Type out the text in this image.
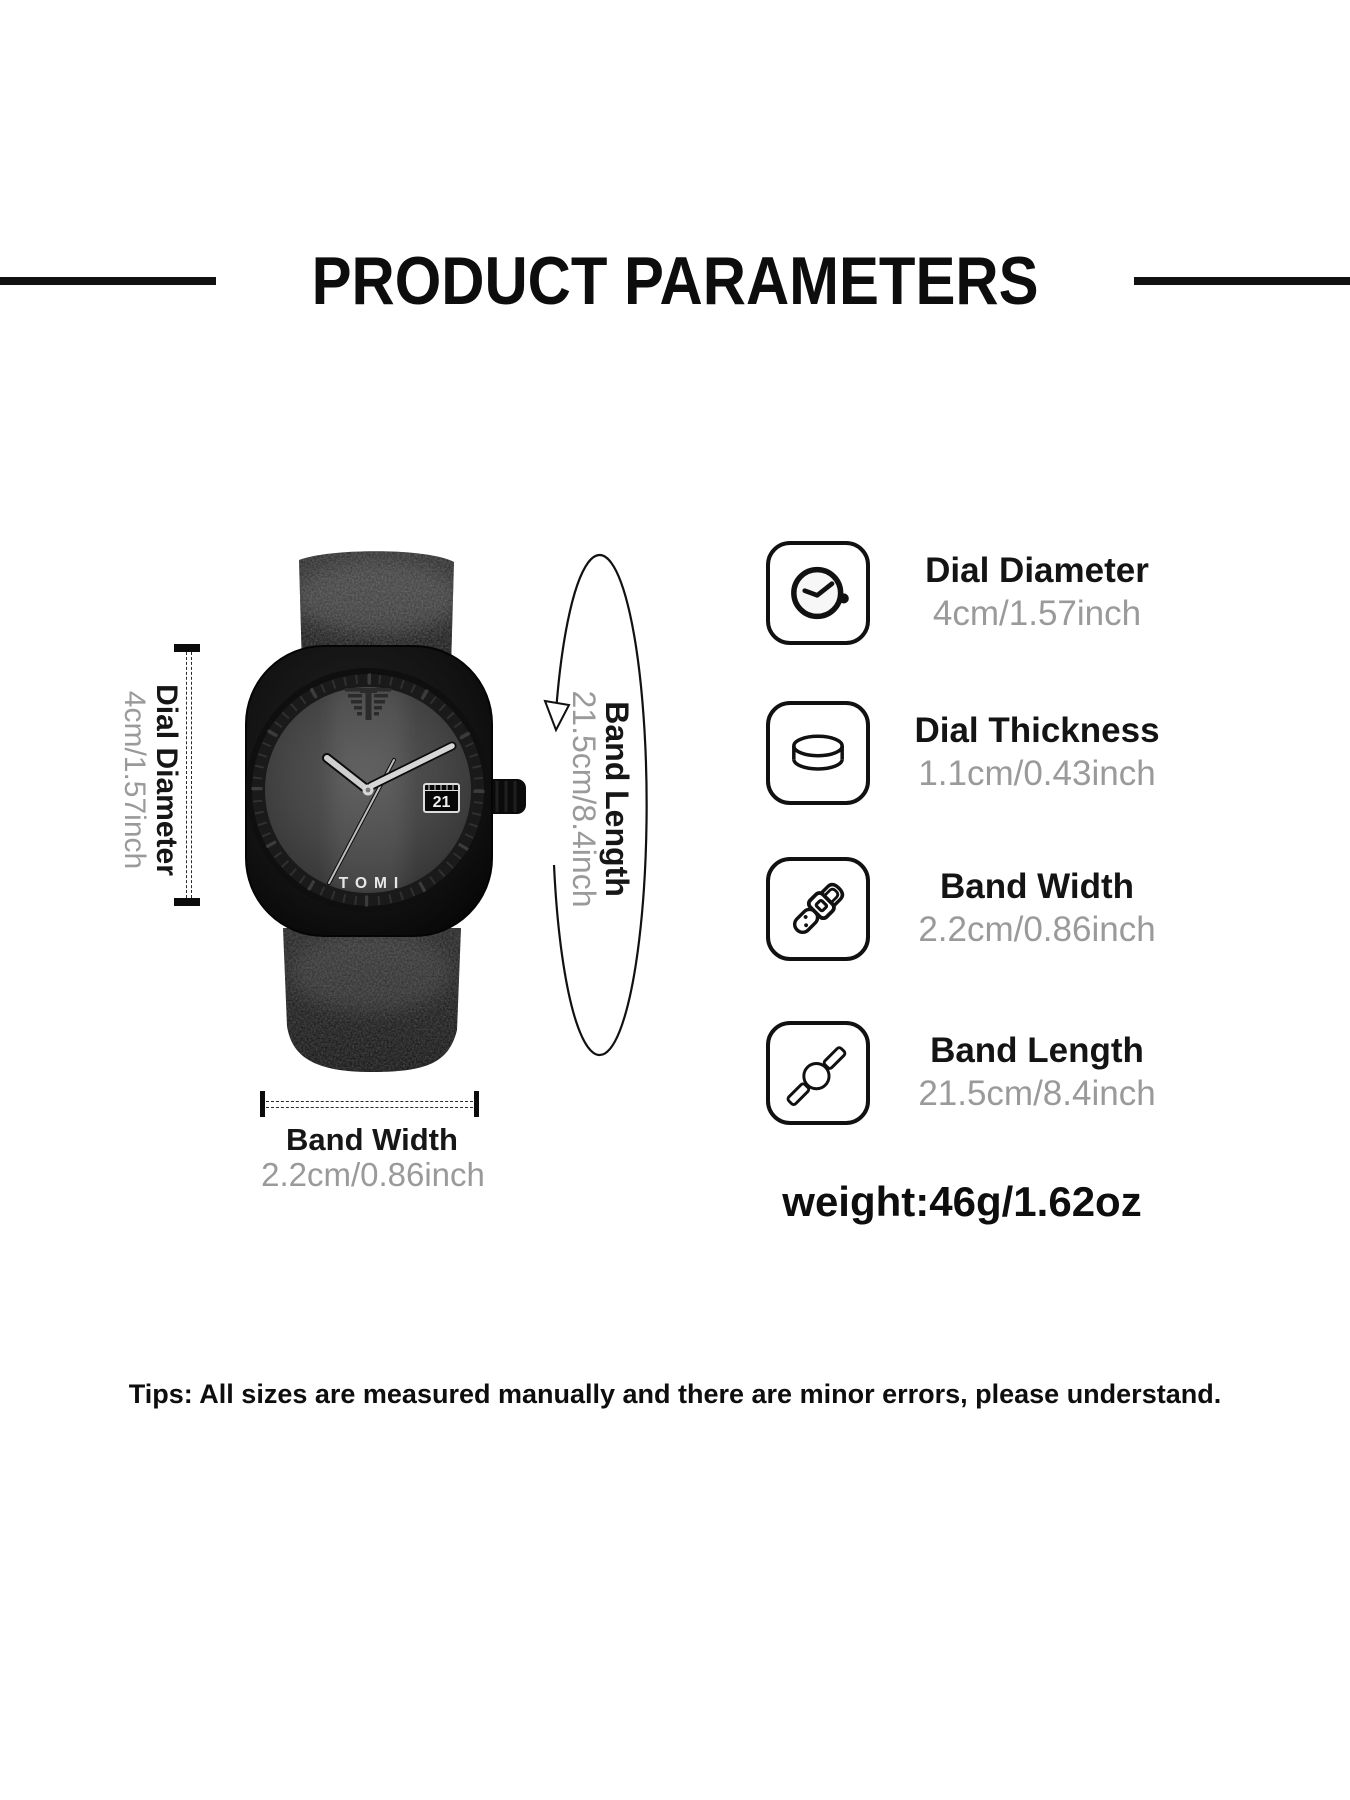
PRODUCT PARAMETERS
21
TOMI
Dial Diameter
4cm/1.57inch	Band Length
21.5cm/8.4inch
Band Width
2.2cm/0.86inch
Dial Diameter
4cm/1.57inch
Dial Thickness
1.1cm/0.43inch
Band Width
2.2cm/0.86inch
Band Length
21.5cm/8.4inch
weight:46g/1.62oz
Tips: All sizes are measured manually and there are minor errors, please understand.
